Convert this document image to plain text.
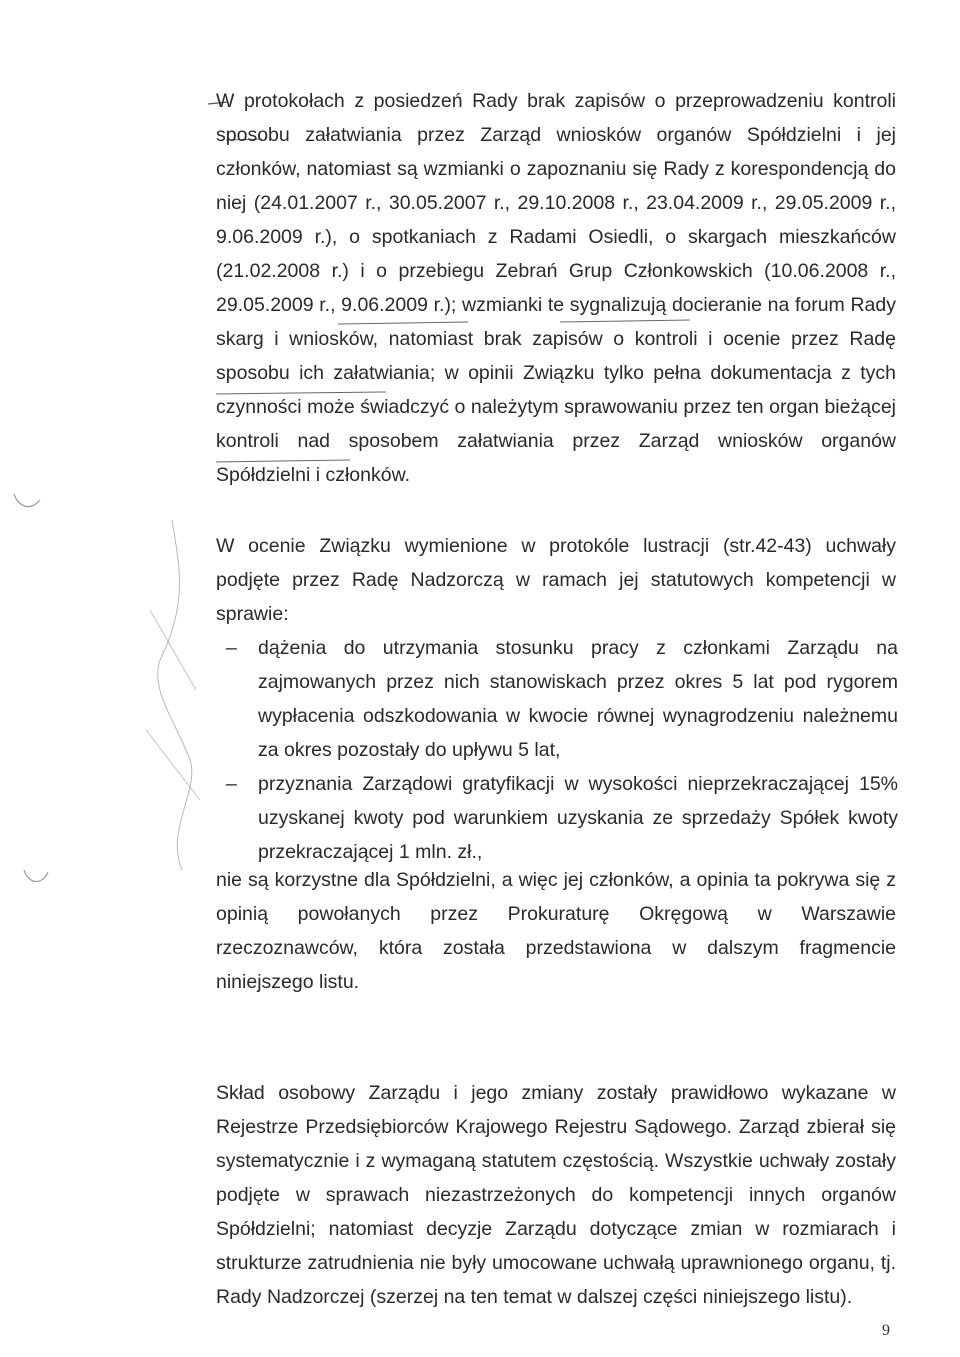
W protokołach z posiedzeń Rady brak zapisów o przeprowadzeniu kontroli sposobu załatwiania przez Zarząd wniosków organów Spółdzielni i jej członków, natomiast są wzmianki o zapoznaniu się Rady z korespondencją do niej (24.01.2007 r., 30.05.2007 r., 29.10.2008 r., 23.04.2009 r., 29.05.2009 r., 9.06.2009 r.), o spotkaniach z Radami Osiedli, o skargach mieszkańców (21.02.2008 r.) i o przebiegu Zebrań Grup Członkowskich (10.06.2008 r., 29.05.2009 r., 9.06.2009 r.); wzmianki te sygnalizują docieranie na forum Rady skarg i wniosków, natomiast brak zapisów o kontroli i ocenie przez Radę sposobu ich załatwiania; w opinii Związku tylko pełna dokumentacja z tych czynności może świadczyć o należytym sprawowaniu przez ten organ bieżącej kontroli nad sposobem załatwiania przez Zarząd wniosków organów Spółdzielni i członków.

W ocenie Związku wymienione w protokóle lustracji (str.42-43) uchwały podjęte przez Radę Nadzorczą w ramach jej statutowych kompetencji w sprawie:

–	dążenia do utrzymania stosunku pracy z członkami Zarządu na zajmowanych przez nich stanowiskach przez okres 5 lat pod rygorem wypłacenia odszkodowania w kwocie równej wynagrodzeniu należnemu za okres pozostały do upływu 5 lat,
–	przyznania Zarządowi gratyfikacji w wysokości nieprzekraczającej 15% uzyskanej kwoty pod warunkiem uzyskania ze sprzedaży Spółek kwoty przekraczającej 1 mln. zł.,

nie są korzystne dla Spółdzielni, a więc jej członków, a opinia ta pokrywa się z opinią powołanych przez Prokuraturę Okręgową w Warszawie rzeczoznawców, która została przedstawiona w dalszym fragmencie niniejszego listu.

Skład osobowy Zarządu i jego zmiany zostały prawidłowo wykazane w Rejestrze Przedsiębiorców Krajowego Rejestru Sądowego. Zarząd zbierał się systematycznie i z wymaganą statutem częstością. Wszystkie uchwały zostały podjęte w sprawach niezastrzeżonych do kompetencji innych organów Spółdzielni; natomiast decyzje Zarządu dotyczące zmian w rozmiarach i strukturze zatrudnienia nie były umocowane uchwałą uprawnionego organu, tj. Rady Nadzorczej (szerzej na ten temat w dalszej części niniejszego listu).

9
